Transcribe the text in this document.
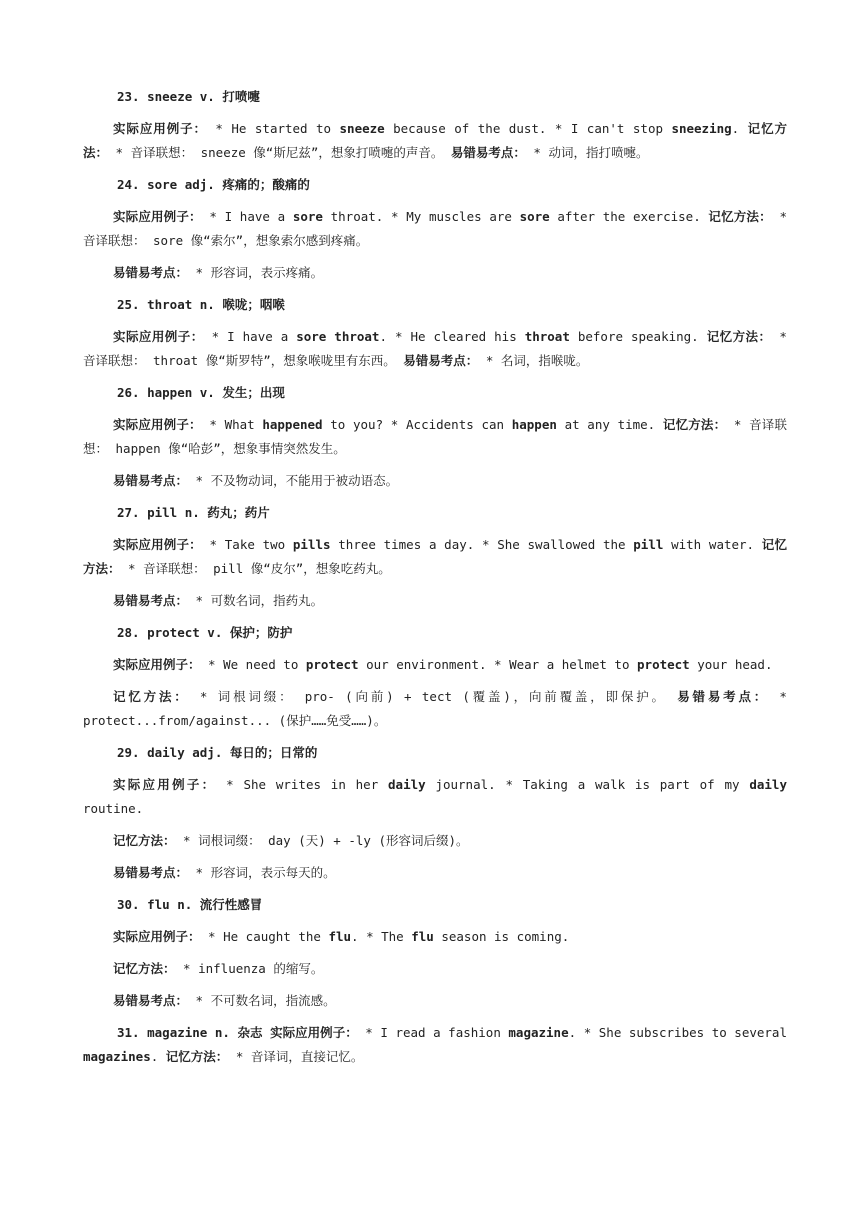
23. sneeze v. 打喷嚏

实际应用例子： * He started to sneeze because of the dust. * I can't stop sneezing. 记忆方法： * 音译联想： sneeze 像“斯尼兹”，想象打喷嚏的声音。 易错易考点： * 动词，指打喷嚏。

24. sore adj. 疼痛的；酸痛的

实际应用例子： * I have a sore throat. * My muscles are sore after the exercise. 记忆方法： * 音译联想： sore 像“索尔”，想象索尔感到疼痛。

易错易考点： * 形容词，表示疼痛。

25. throat n. 喉咙；咽喉

实际应用例子： * I have a sore throat. * He cleared his throat before speaking. 记忆方法： * 音译联想： throat 像“斯罗特”，想象喉咙里有东西。 易错易考点： * 名词，指喉咙。

26. happen v. 发生；出现

实际应用例子： * What happened to you? * Accidents can happen at any time. 记忆方法： * 音译联想： happen 像“哈彭”，想象事情突然发生。

易错易考点： * 不及物动词，不能用于被动语态。

27. pill n. 药丸；药片

实际应用例子： * Take two pills three times a day. * She swallowed the pill with water. 记忆方法： * 音译联想： pill 像“皮尔”，想象吃药丸。

易错易考点： * 可数名词，指药丸。

28. protect v. 保护；防护

实际应用例子： * We need to protect our environment. * Wear a helmet to protect your head.

记忆方法： * 词根词缀： pro- (向前) + tect (覆盖)，向前覆盖，即保护。 易错易考点： * protect...from/against... (保护……免受……)。

29. daily adj. 每日的；日常的

实际应用例子： * She writes in her daily journal. * Taking a walk is part of my daily routine.

记忆方法： * 词根词缀： day (天) + -ly (形容词后缀)。

易错易考点： * 形容词，表示每天的。

30. flu n. 流行性感冒

实际应用例子： * He caught the flu. * The flu season is coming.

记忆方法： * influenza 的缩写。

易错易考点： * 不可数名词，指流感。

31. magazine n. 杂志 实际应用例子： * I read a fashion magazine. * She subscribes to several magazines. 记忆方法： * 音译词，直接记忆。
